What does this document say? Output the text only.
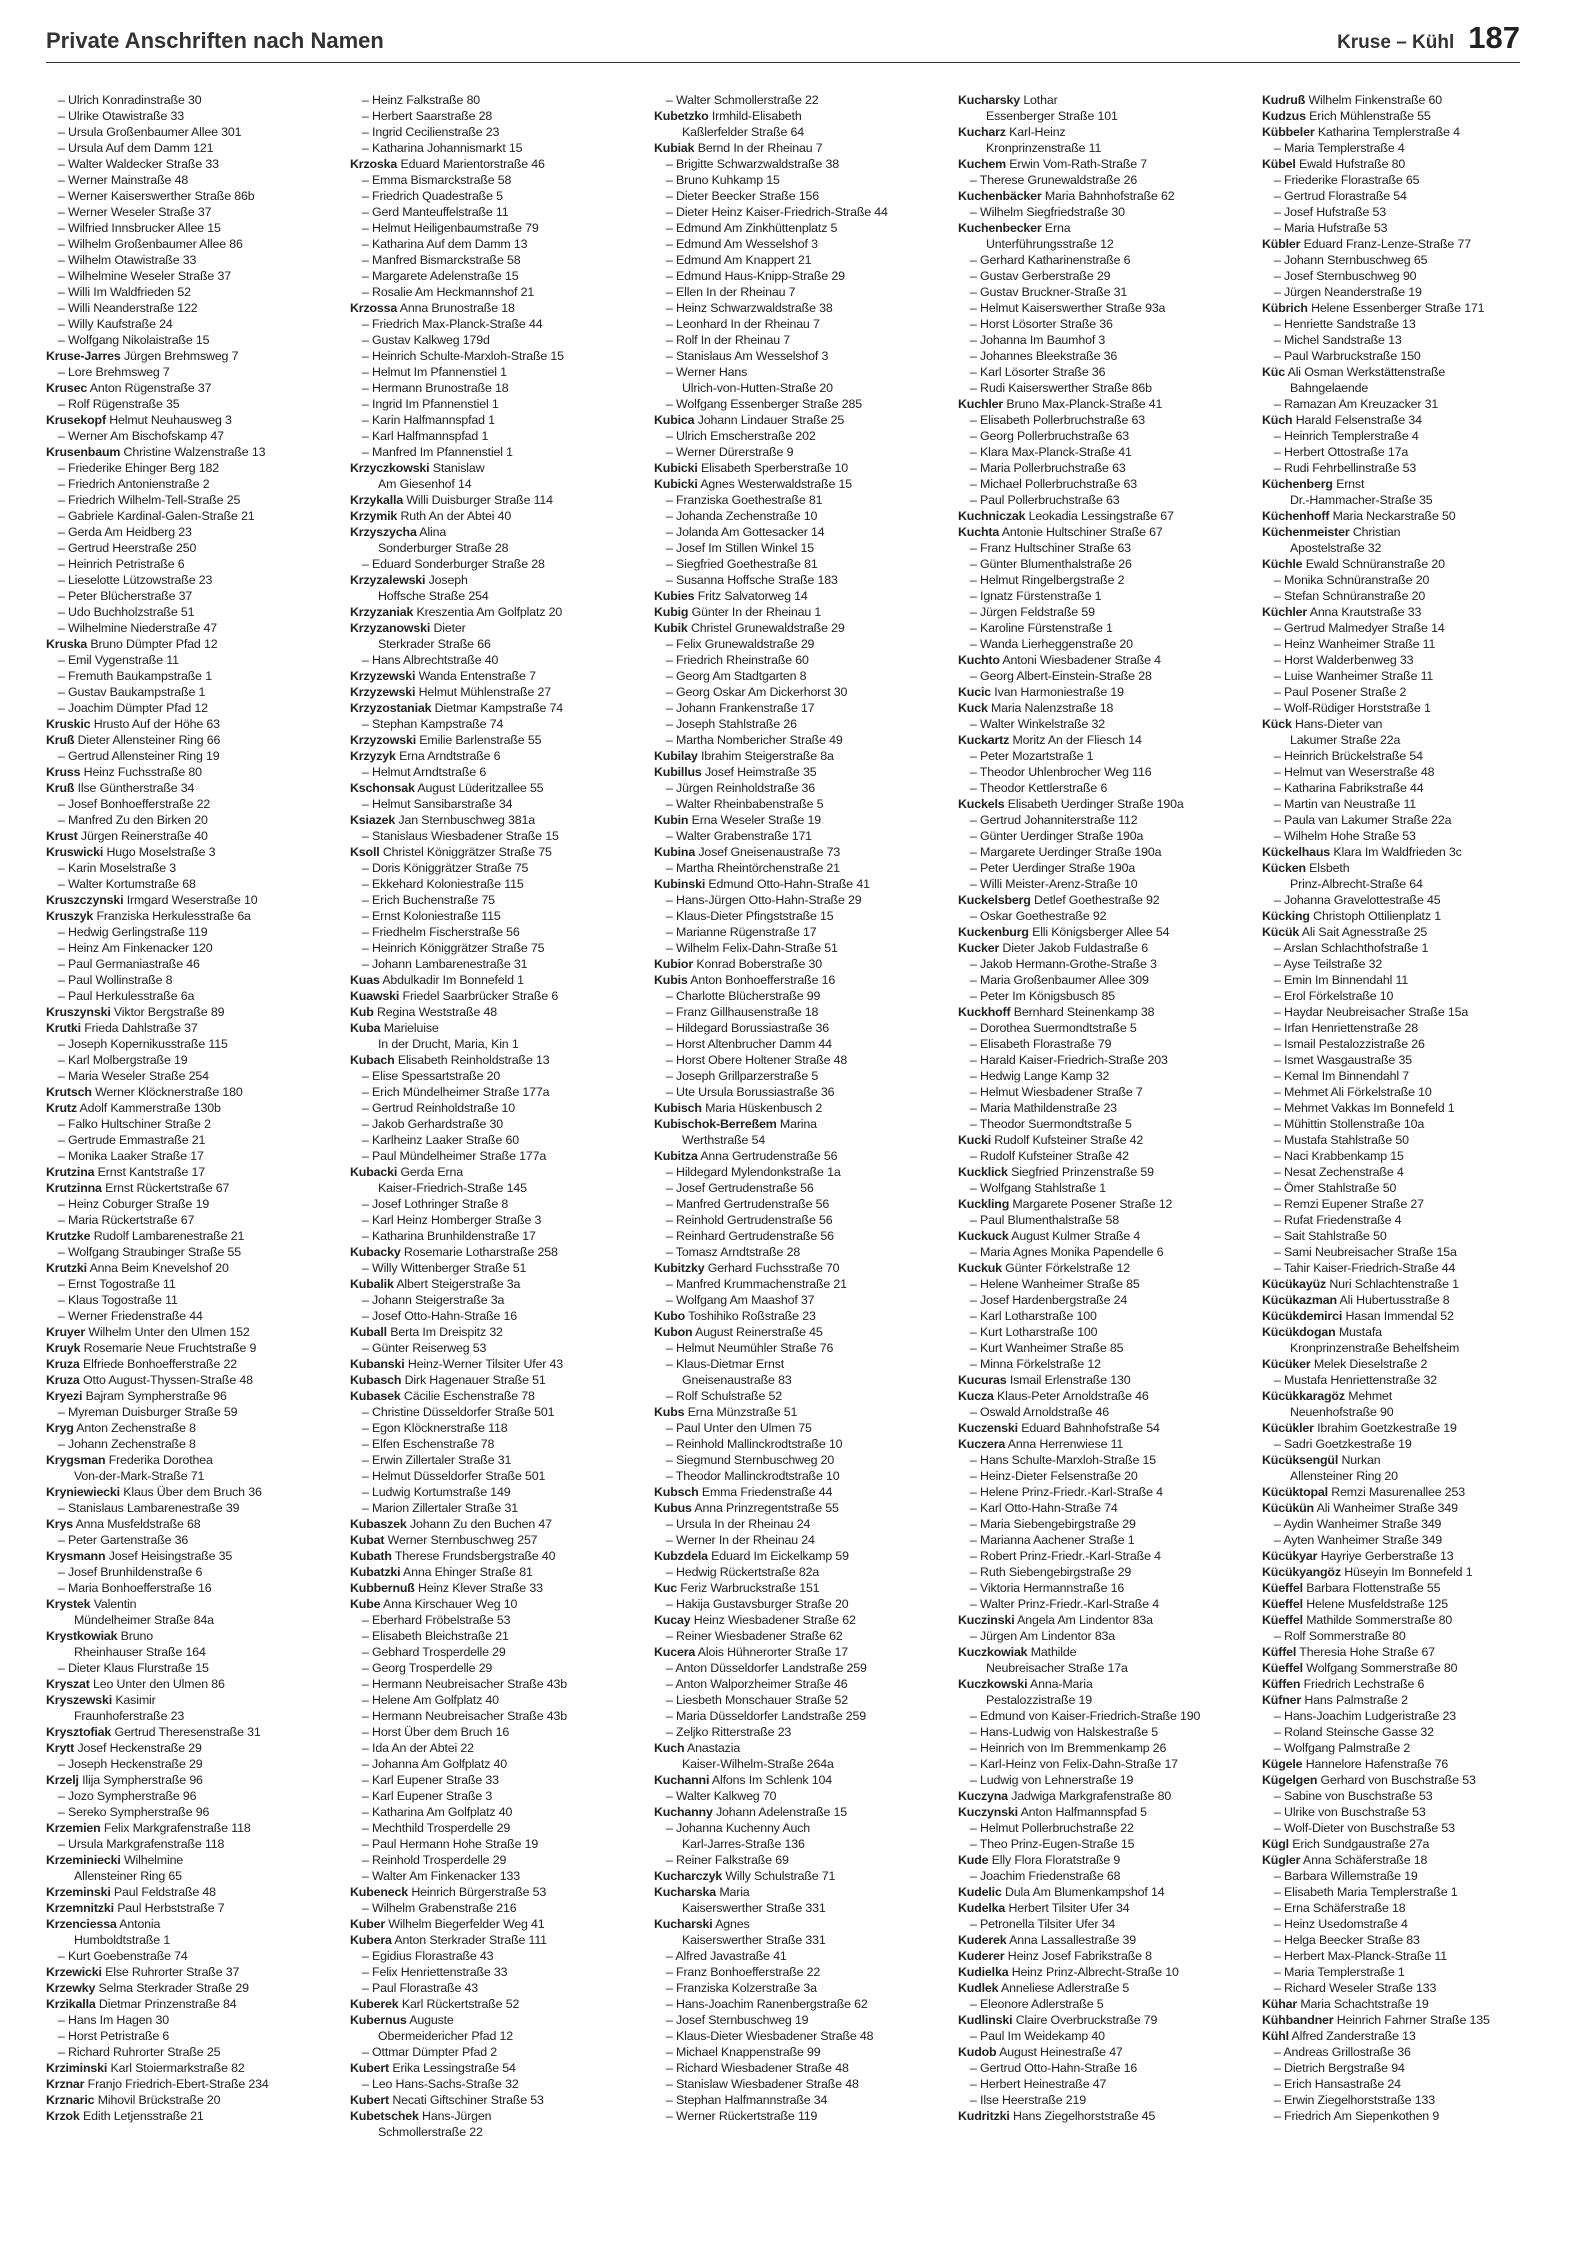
Private Anschriften nach Namen	Kruse – Kühl 187
– Ulrich Konradinstraße 30
– Ulrike Otawistraße 33
– Ursula Großenbaumer Allee 301
– Ursula Auf dem Damm 121
– Walter Waldecker Straße 33
– Werner Mainstraße 48
– Werner Kaiserswerther Straße 86b
– Werner Weseler Straße 37
– Wilfried Innsbrucker Allee 15
– Wilhelm Großenbaumer Allee 86
– Wilhelm Otawistraße 33
– Wilhelmine Weseler Straße 37
– Willi Im Waldfrieden 52
– Willi Neanderstraße 122
– Willy Kaufstraße 24
– Wolfgang Nikolaistraße 15
Kruse-Jarres Jürgen Brehmsweg 7
– Lore Brehmsweg 7
Krusec Anton Rügenstraße 37
– Rolf Rügenstraße 35
Krusekopf Helmut Neuhausweg 3
– Werner Am Bischofskamp 47
Krusenbaum Christine Walzenstraße 13
– Friederike Ehinger Berg 182
– Friedrich Antonienstraße 2
– Friedrich Wilhelm-Tell-Straße 25
– Gabriele Kardinal-Galen-Straße 21
– Gerda Am Heidberg 23
– Gertrud Heerstraße 250
– Heinrich Petristraße 6
– Lieselotte Lützowstraße 23
– Peter Blücherstraße 37
– Udo Buchholzstraße 51
– Wilhelmine Niederstraße 47
Kruska Bruno Dümpter Pfad 12
– Emil Vygenstraße 11
– Fremuth Baukampstraße 1
– Gustav Baukampstraße 1
– Joachim Dümpter Pfad 12
Kruskic Hrusto Auf der Höhe 63
Kruß Dieter Allensteiner Ring 66
– Gertrud Allensteiner Ring 19
Kruss Heinz Fuchsstraße 80
Kruß Ilse Güntherstraße 34
– Josef Bonhoefferstraße 22
– Manfred Zu den Birken 20
Krust Jürgen Reinerstraße 40
Kruswicki Hugo Moselstraße 3
– Karin Moselstraße 3
– Walter Kortumstraße 68
Kruszczynski Irmgard Weserstraße 10
Kruszyk Franziska Herkulesstraße 6a
– Hedwig Gerlingstraße 119
– Heinz Am Finkenacker 120
– Paul Germaniastraße 46
– Paul Wollinstraße 8
– Paul Herkulesstraße 6a
Kruszynski Viktor Bergstraße 89
Krutki Frieda Dahlstraße 37
– Joseph Kopernikusstraße 115
– Karl Molbergstraße 19
– Maria Weseler Straße 254
Krutsch Werner Klöcknerstraße 180
Krutz Adolf Kammerstraße 130b
– Falko Hultschiner Straße 2
– Gertrude Emmastraße 21
– Monika Laaker Straße 17
Krutzina Ernst Kantstraße 17
Krutzinna Ernst Rückertstraße 67
– Heinz Coburger Straße 19
– Maria Rückertstraße 67
Krutzke Rudolf Lambarenestraße 21
– Wolfgang Straubinger Straße 55
Krutzki Anna Beim Knevelshof 20
– Ernst Togostraße 11
– Klaus Togostraße 11
– Werner Friedenstraße 44
Kruyer Wilhelm Unter den Ulmen 152
Kruyk Rosemarie Neue Fruchtstraße 9
Kruza Elfriede Bonhoefferstraße 22
Kruza Otto August-Thyssen-Straße 48
Kryezi Bajram Sympherstraße 96
– Myreman Duisburger Straße 59
Kryg Anton Zechenstraße 8
– Johann Zechenstraße 8
Krygsman Frederika Dorothea
Von-der-Mark-Straße 71
Kryniewiecki Klaus Über dem Bruch 36
– Stanislaus Lambarenestraße 39
Krys Anna Musfeldstraße 68
– Peter Gartenstraße 36
Krysmann Josef Heisingstraße 35
– Josef Brunhildenstraße 6
– Maria Bonhoefferstraße 16
Krystek Valentin
Mündelheimer Straße 84a
Krystkowiak Bruno
Rheinhauser Straße 164
– Dieter Klaus Flurstraße 15
Kryszat Leo Unter den Ulmen 86
Kryszewski Kasimir
Fraunhoferstraße 23
Krysztofiak Gertrud Theresenstraße 31
Krytt Josef Heckenstraße 29
– Joseph Heckenstraße 29
Krzelj Ilija Sympherstraße 96
– Jozo Sympherstraße 96
– Sereko Sympherstraße 96
Krzemien Felix Markgrafenstraße 118
– Ursula Markgrafenstraße 118
Krzeminiecki Wilhelmine
Allensteiner Ring 65
Krzeminski Paul Feldstraße 48
Krzemnitzki Paul Herbststraße 7
Krzenciessa Antonia
Humboldtstraße 1
– Kurt Goebenstraße 74
Krzewicki Else Ruhrorter Straße 37
Krzewky Selma Sterkrader Straße 29
Krzikalla Dietmar Prinzenstraße 84
– Hans Im Hagen 30
– Horst Petristraße 6
– Richard Ruhrorter Straße 25
Krziminski Karl Stoiermarkstraße 82
Krznar Franjo Friedrich-Ebert-Straße 234
Krznaric Mihovil Brückstraße 20
Krzok Edith Letjensstraße 21
– Heinz Falkstraße 80
– Herbert Saarstraße 28
– Ingrid Cecilienstraße 23
– Katharina Johannismarkt 15
Krzoska Eduard Marientorstraße 46
– Emma Bismarckstraße 58
– Friedrich Quadestraße 5
– Gerd Manteuffelstraße 11
– Helmut Heiligenbaumstraße 79
– Katharina Auf dem Damm 13
– Manfred Bismarckstraße 58
– Margarete Adelenstraße 15
– Rosalie Am Heckmannshof 21
Krzossa Anna Brunostraße 18
– Friedrich Max-Planck-Straße 44
– Gustav Kalkweg 179d
– Heinrich Schulte-Marxloh-Straße 15
– Helmut Im Pfannenstiel 1
– Hermann Brunostraße 18
– Ingrid Im Pfannenstiel 1
– Karin Halfmannspfad 1
– Karl Halfmannspfad 1
– Manfred Im Pfannenstiel 1
Krzyczkowski Stanislaw
Am Giesenhof 14
Krzykalla Willi Duisburger Straße 114
Krzymik Ruth An der Abtei 40
Krzyszycha Alina
Sonderburger Straße 28
– Eduard Sonderburger Straße 28
Krzyzalewski Joseph
Hoffsche Straße 254
Krzyzaniak Kreszentia Am Golfplatz 20
Krzyzanowski Dieter
Sterkrader Straße 66
– Hans Albrechtstraße 40
Krzyzewski Wanda Entenstraße 7
Krzyzewski Helmut Mühlenstraße 27
Krzyzostaniak Dietmar Kampstraße 74
– Stephan Kampstraße 74
Krzyzowski Emilie Barlenstraße 55
Krzyzyk Erna Arndtstraße 6
– Helmut Arndtstraße 6
Kschonsak August Lüderitzallee 55
– Helmut Sansibarstraße 34
Ksiazek Jan Sternbuschweg 381a
– Stanislaus Wiesbadener Straße 15
Ksoll Christel Königgrätzer Straße 75
– Doris Königgrätzer Straße 75
– Ekkehard Koloniestraße 115
– Erich Buchenstraße 75
– Ernst Koloniestraße 115
– Friedhelm Fischerstraße 56
– Heinrich Königgrätzer Straße 75
– Johann Lambarenestraße 31
Kuas Abdulkadir Im Bonnefeld 1
Kuawski Friedel Saarbrücker Straße 6
Kub Regina Weststraße 48
Kuba Marieluise
In der Drucht, Maria, Kin 1
Kubach Elisabeth Reinholdstraße 13
– Elise Spessartstraße 20
– Erich Mündelheimer Straße 177a
– Gertrud Reinholdstraße 10
– Jakob Gerhardstraße 30
– Karlheinz Laaker Straße 60
– Paul Mündelheimer Straße 177a
Kubacki Gerda Erna
Kaiser-Friedrich-Straße 145
– Josef Lothringer Straße 8
– Karl Heinz Homberger Straße 3
– Katharina Brunhildenstraße 17
Kubacky Rosemarie Lotharstraße 258
– Willy Wittenberger Straße 51
Kubalik Albert Steigerstraße 3a
– Johann Steigerstraße 3a
– Josef Otto-Hahn-Straße 16
Kuball Berta Im Dreispitz 32
– Günter Reiserweg 53
Kubanski Heinz-Werner Tilsiter Ufer 43
Kubasch Dirk Hagenauer Straße 51
Kubasek Cäcilie Eschenstraße 78
– Christine Düsseldorfer Straße 501
– Egon Klöcknerstraße 118
– Elfen Eschenstraße 78
– Erwin Zillertaler Straße 31
– Helmut Düsseldorfer Straße 501
– Ludwig Kortumstraße 149
– Marion Zillertaler Straße 31
Kubaszek Johann Zu den Buchen 47
Kubat Werner Sternbuschweg 257
Kubath Therese Frundsbergstraße 40
Kubatzki Anna Ehinger Straße 81
Kubbernuß Heinz Klever Straße 33
Kube Anna Kirschauer Weg 10
– Eberhard Fröbelstraße 53
– Elisabeth Bleichstraße 21
– Gebhard Trosperdelle 29
– Georg Trosperdelle 29
– Hermann Neubreisacher Straße 43b
– Helene Am Golfplatz 40
– Hermann Neubreisacher Straße 43b
– Horst Über dem Bruch 16
– Ida An der Abtei 22
– Johanna Am Golfplatz 40
– Karl Eupener Straße 33
– Karl Eupener Straße 3
– Katharina Am Golfplatz 40
– Mechthild Trosperdelle 29
– Paul Hermann Hohe Straße 19
– Reinhold Trosperdelle 29
– Walter Am Finkenacker 133
Kubeneck Heinrich Bürgerstraße 53
– Wilhelm Grabenstraße 216
Kuber Wilhelm Biegerfelder Weg 41
Kubera Anton Sterkrader Straße 111
– Egidius Florastraße 43
– Felix Henriettenstraße 33
– Paul Florastraße 43
Kuberek Karl Rückertstraße 52
Kubernus Auguste
Obermeidericher Pfad 12
– Ottmar Dümpter Pfad 2
Kubert Erika Lessingstraße 54
– Leo Hans-Sachs-Straße 32
Kubert Necati Giftschiner Straße 53
Kubetschek Hans-Jürgen
Schmollerstraße 22
– Walter Schmollerstraße 22
Kubetzko Irmhild-Elisabeth
Kaßlerfelder Straße 64
Kubiak Bernd In der Rheinau 7
– Brigitte Schwarzwaldstraße 38
– Bruno Kuhkamp 15
– Dieter Beecker Straße 156
– Dieter Heinz Kaiser-Friedrich-Straße 44
– Edmund Am Zinkhüttenplatz 5
– Edmund Am Wesselshof 3
– Edmund Am Knappert 21
– Edmund Haus-Knipp-Straße 29
– Ellen In der Rheinau 7
– Heinz Schwarzwaldstraße 38
– Leonhard In der Rheinau 7
– Rolf In der Rheinau 7
– Stanislaus Am Wesselshof 3
– Werner Hans
Ulrich-von-Hutten-Straße 20
– Wolfgang Essenberger Straße 285
Kubica Johann Lindauer Straße 25
– Ulrich Emscherstraße 202
– Werner Dürerstraße 9
Kubicki Elisabeth Sperberstraße 10
Kubicki Agnes Westerwaldstraße 15
– Franziska Goethestraße 81
– Johanda Zechenstraße 10
– Jolanda Am Gottesacker 14
– Josef Im Stillen Winkel 15
– Siegfried Goethestraße 81
– Susanna Hoffsche Straße 183
Kubies Fritz Salvatorweg 14
Kubig Günter In der Rheinau 1
Kubik Christel Grunewaldstraße 29
– Felix Grunewaldstraße 29
– Friedrich Rheinstraße 60
– Georg Am Stadtgarten 8
– Georg Oskar Am Dickerhorst 30
– Johann Frankenstraße 17
– Joseph Stahlstraße 26
– Martha Nombericher Straße 49
Kubilay Ibrahim Steigerstraße 8a
Kubillus Josef Heimstraße 35
– Jürgen Reinholdstraße 36
– Walter Rheinbabenstraße 5
Kubin Erna Weseler Straße 19
– Walter Grabenstraße 171
Kubina Josef Gneisenaustraße 73
– Martha Rheintörchenstraße 21
Kubinski Edmund Otto-Hahn-Straße 41
– Hans-Jürgen Otto-Hahn-Straße 29
– Klaus-Dieter Pfingststraße 15
– Marianne Rügenstraße 17
– Wilhelm Felix-Dahn-Straße 51
Kubior Konrad Boberstraße 30
Kubis Anton Bonhoefferstraße 16
– Charlotte Blücherstraße 99
– Franz Gillhausenstraße 18
– Hildegard Borussiastraße 36
– Horst Altenbrucher Damm 44
– Horst Obere Holtener Straße 48
– Joseph Grillparzerstraße 5
– Ute Ursula Borussiastraße 36
Kubisch Maria Hüskenbusch 2
Kubischok-Berreßem Marina
Werthstraße 54
Kubitza Anna Gertrudenstraße 56
– Hildegard Mylendonkstraße 1a
– Josef Gertrudenstraße 56
– Manfred Gertrudenstraße 56
– Reinhold Gertrudenstraße 56
– Reinhard Gertrudenstraße 56
– Tomasz Arndtstraße 28
Kubitzky Gerhard Fuchsstraße 70
– Manfred Krummachenstraße 21
– Wolfgang Am Maashof 37
Kubo Toshihiko Roßstraße 23
Kubon August Reinerstraße 45
– Helmut Neumühler Straße 76
– Klaus-Dietmar Ernst
Gneisenaustraße 83
– Rolf Schulstraße 52
Kubs Erna Münzstraße 51
– Paul Unter den Ulmen 75
– Reinhold Mallinckrodtstraße 10
– Siegmund Sternbuschweg 20
– Theodor Mallinckrodtstraße 10
Kubsch Emma Friedenstraße 44
Kubus Anna Prinzregentstraße 55
– Ursula In der Rheinau 24
– Werner In der Rheinau 24
Kubzdela Eduard Im Eickelkamp 59
– Hedwig Rückertstraße 82a
Kuc Feriz Warbruckstraße 151
– Hakija Gustavsburger Straße 20
Kucay Heinz Wiesbadener Straße 62
– Reiner Wiesbadener Straße 62
Kucera Alois Hühnerorter Straße 17
– Anton Düsseldorfer Landstraße 259
– Anton Walporzheimer Straße 46
– Liesbeth Monschauer Straße 52
– Maria Düsseldorfer Landstraße 259
– Zeljko Ritterstraße 23
Kuch Anastazia
Kaiser-Wilhelm-Straße 264a
Kuchanni Alfons Im Schlenk 104
– Walter Kalkweg 70
Kuchanny Johann Adelenstraße 15
– Johanna Kuchenny Auch
Karl-Jarres-Straße 136
– Reiner Falkstraße 69
Kucharczyk Willy Schulstraße 71
Kucharska Maria
Kaiserswerther Straße 331
Kucharski Agnes
Kaiserswerther Straße 331
– Alfred Javastraße 41
– Franz Bonhoefferstraße 22
– Franziska Kolzerstraße 3a
– Hans-Joachim Ranenbergstraße 62
– Josef Sternbuschweg 19
– Klaus-Dieter Wiesbadener Straße 48
– Michael Knappenstraße 99
– Richard Wiesbadener Straße 48
– Stanislaw Wiesbadener Straße 48
– Stephan Halfmannstraße 34
– Werner Rückertstraße 119
Kucharsky Lothar
Essenberger Straße 101
Kucharz Karl-Heinz
Kronprinzenstraße 11
Kuchem Erwin Vom-Rath-Straße 7
– Therese Grunewaldstraße 26
Kuchenbäcker Maria Bahnhofstraße 62
– Wilhelm Siegfriedstraße 30
Kuchenbecker Erna
Unterführungsstraße 12
– Gerhard Katharinenstraße 6
– Gustav Gerberstraße 29
– Gustav Bruckner-Straße 31
– Helmut Kaiserswerther Straße 93a
– Horst Lösorter Straße 36
– Johanna Im Baumhof 3
– Johannes Bleekstraße 36
– Karl Lösorter Straße 36
– Rudi Kaiserswerther Straße 86b
Kuchler Bruno Max-Planck-Straße 41
– Elisabeth Pollerbruchstraße 63
– Georg Pollerbruchstraße 63
– Klara Max-Planck-Straße 41
– Maria Pollerbruchstraße 63
– Michael Pollerbruchstraße 63
– Paul Pollerbruchstraße 63
Kuchniczak Leokadia Lessingstraße 67
Kuchta Antonie Hultschiner Straße 67
– Franz Hultschiner Straße 63
– Günter Blumenthalstraße 26
– Helmut Ringelbergstraße 2
– Ignatz Fürstenstraße 1
– Jürgen Feldstraße 59
– Karoline Fürstenstraße 1
– Wanda Lierheggenstraße 20
Kuchto Antoni Wiesbadener Straße 4
– Georg Albert-Einstein-Straße 28
Kucic Ivan Harmoniestraße 19
Kuck Maria Nalenzstraße 18
– Walter Winkelstraße 32
Kuckartz Moritz An der Fliesch 14
– Peter Mozartstraße 1
– Theodor Uhlenbrocher Weg 116
– Theodor Kettlerstraße 6
Kuckels Elisabeth Uerdinger Straße 190a
– Gertrud Johanniterstraße 112
– Günter Uerdinger Straße 190a
– Margarete Uerdinger Straße 190a
– Peter Uerdinger Straße 190a
– Willi Meister-Arenz-Straße 10
Kuckelsberg Detlef Goethestraße 92
– Oskar Goethestraße 92
Kuckenburg Elli Königsberger Allee 54
Kucker Dieter Jakob Fuldastraße 6
– Jakob Hermann-Grothe-Straße 3
– Maria Großenbaumer Allee 309
– Peter Im Königsbusch 85
Kuckhoff Bernhard Steinenkamp 38
– Dorothea Suermondtstraße 5
– Elisabeth Florastraße 79
– Harald Kaiser-Friedrich-Straße 203
– Hedwig Lange Kamp 32
– Helmut Wiesbadener Straße 7
– Maria Mathildenstraße 23
– Theodor Suermondtstraße 5
Kucki Rudolf Kufsteiner Straße 42
– Rudolf Kufsteiner Straße 42
Kucklick Siegfried Prinzenstraße 59
– Wolfgang Stahlstraße 1
Kuckling Margarete Posener Straße 12
– Paul Blumenthalstraße 58
Kuckuck August Kulmer Straße 4
– Maria Agnes Monika Papendelle 6
Kuckuk Günter Förkelstraße 12
– Helene Wanheimer Straße 85
– Josef Hardenbergstraße 24
– Karl Lotharstraße 100
– Kurt Lotharstraße 100
– Kurt Wanheimer Straße 85
– Minna Förkelstraße 12
Kucuras Ismail Erlenstraße 130
Kucza Klaus-Peter Arnoldstraße 46
– Oswald Arnoldstraße 46
Kuczenski Eduard Bahnhofstraße 54
Kuczera Anna Herrenwiese 11
– Hans Schulte-Marxloh-Straße 15
– Heinz-Dieter Felsenstraße 20
– Helene Prinz-Friedr.-Karl-Straße 4
– Karl Otto-Hahn-Straße 74
– Maria Siebengebirgstraße 29
– Marianna Aachener Straße 1
– Robert Prinz-Friedr.-Karl-Straße 4
– Ruth Siebengebirgstraße 29
– Viktoria Hermannstraße 16
– Walter Prinz-Friedr.-Karl-Straße 4
Kuczinski Angela Am Lindentor 83a
– Jürgen Am Lindentor 83a
Kuczkowiak Mathilde
Neubreisacher Straße 17a
Kuczkowski Anna-Maria
Pestalozzistraße 19
– Edmund von Kaiser-Friedrich-Straße 190
– Hans-Ludwig von Halskestraße 5
– Heinrich von Im Bremmenkamp 26
– Karl-Heinz von Felix-Dahn-Straße 17
– Ludwig von Lehnerstraße 19
Kuczyna Jadwiga Markgrafenstraße 80
Kuczynski Anton Halfmannspfad 5
– Helmut Pollerbruchstraße 22
– Theo Prinz-Eugen-Straße 15
Kude Elly Flora Floratstraße 9
– Joachim Friedenstraße 68
Kudelic Dula Am Blumenkampshof 14
Kudelka Herbert Tilsiter Ufer 34
– Petronella Tilsiter Ufer 34
Kuderek Anna Lassallestraße 39
Kuderer Heinz Josef Fabrikstraße 8
Kudielka Heinz Prinz-Albrecht-Straße 10
Kudlek Anneliese Adlerstraße 5
– Eleonore Adlerstraße 5
Kudlinski Claire Overbruckstraße 79
– Paul Im Weidekamp 40
Kudob August Heinestraße 47
– Gertrud Otto-Hahn-Straße 16
– Herbert Heinestraße 47
– Ilse Heerstraße 219
Kudritzki Hans Ziegelhorststraße 45
Kudruß Wilhelm Finkenstraße 60
Kudzus Erich Mühlenstraße 55
Kübbeler Katharina Templerstraße 4
– Maria Templerstraße 4
Kübel Ewald Hufstraße 80
– Friederike Florastraße 65
– Gertrud Florastraße 54
– Josef Hufstraße 53
– Maria Hufstraße 53
Kübler Eduard Franz-Lenze-Straße 77
– Johann Sternbuschweg 65
– Josef Sternbuschweg 90
– Jürgen Neanderstraße 19
Kübrich Helene Essenberger Straße 171
– Henriette Sandstraße 13
– Michel Sandstraße 13
– Paul Warbruckstraße 150
Küc Ali Osman Werkstättenstraße
Bahngelaende
– Ramazan Am Kreuzacker 31
Küch Harald Felsenstraße 34
– Heinrich Templerstraße 4
– Herbert Ottostraße 17a
– Rudi Fehrbellinstraße 53
Küchenberg Ernst
Dr.-Hammacher-Straße 35
Küchenhoff Maria Neckarstraße 50
Küchenmeister Christian
Apostelstraße 32
Küchle Ewald Schnüranstraße 20
– Monika Schnüranstraße 20
– Stefan Schnüranstraße 20
Küchler Anna Krautstraße 33
– Gertrud Malmedyer Straße 14
– Heinz Wanheimer Straße 11
– Horst Walderbenweg 33
– Luise Wanheimer Straße 11
– Paul Posener Straße 2
– Wolf-Rüdiger Horststraße 1
Kück Hans-Dieter van
Lakumer Straße 22a
– Heinrich Brückelstraße 54
– Helmut van Weserstraße 48
– Katharina Fabrikstraße 44
– Martin van Neustraße 11
– Paula van Lakumer Straße 22a
– Wilhelm Hohe Straße 53
Kückelhaus Klara Im Waldfrieden 3c
Kücken Elsbeth
Prinz-Albrecht-Straße 64
– Johanna Gravelottestraße 45
Kücking Christoph Ottilienplatz 1
Kücük Ali Sait Agnesstraße 25
– Arslan Schlachthofstraße 1
– Ayse Teilstraße 32
– Emin Im Binnendahl 11
– Erol Förkelstraße 10
– Haydar Neubreisacher Straße 15a
– Irfan Henriettenstraße 28
– Ismail Pestalozzistraße 26
– Ismet Wasgaustraße 35
– Kemal Im Binnendahl 7
– Mehmet Ali Förkelstraße 10
– Mehmet Vakkas Im Bonnefeld 1
– Mühittin Stollenstraße 10a
– Mustafa Stahlstraße 50
– Naci Krabbenkamp 15
– Nesat Zechenstraße 4
– Ömer Stahlstraße 50
– Remzi Eupener Straße 27
– Rufat Friedenstraße 4
– Sait Stahlstraße 50
– Sami Neubreisacher Straße 15a
– Tahir Kaiser-Friedrich-Straße 44
Kücükayüz Nuri Schlachtenstraße 1
Kücükazman Ali Hubertusstraße 8
Kücükdemirci Hasan Immendal 52
Kücükdogan Mustafa
Kronprinzenstraße Behelfsheim
Kücüker Melek Dieselstraße 2
– Mustafa Henriettenstraße 32
Kücükkaragöz Mehmet
Neuenhofstraße 90
Kücükler Ibrahim Goetzkestraße 19
– Sadri Goetzkestraße 19
Kücüksengül Nurkan
Allensteiner Ring 20
Kücüktopal Remzi Masurenallee 253
Kücükün Ali Wanheimer Straße 349
– Aydin Wanheimer Straße 349
– Ayten Wanheimer Straße 349
Kücükyar Hayriye Gerberstraße 13
Kücükyangöz Hüseyin Im Bonnefeld 1
Küeffel Barbara Flottenstraße 55
Küeffel Helene Musfeldstraße 125
Küeffel Mathilde Sommerstraße 80
– Rolf Sommerstraße 80
Küffel Theresia Hohe Straße 67
Küeffel Wolfgang Sommerstraße 80
Küffen Friedrich Lechstraße 6
Küfner Hans Palmstraße 2
– Hans-Joachim Ludgeristraße 23
– Roland Steinsche Gasse 32
– Wolfgang Palmstraße 2
Kügele Hannelore Hafenstraße 76
Kügelgen Gerhard von Buschstraße 53
– Sabine von Buschstraße 53
– Ulrike von Buschstraße 53
– Wolf-Dieter von Buschstraße 53
Kügl Erich Sundgaustraße 27a
Kügler Anna Schäferstraße 18
– Barbara Willemstraße 19
– Elisabeth Maria Templerstraße 1
– Erna Schäferstraße 18
– Heinz Usedomstraße 4
– Helga Beecker Straße 83
– Herbert Max-Planck-Straße 11
– Maria Templerstraße 1
– Richard Weseler Straße 133
Kühar Maria Schachtstraße 19
Kühbandner Heinrich Fahrner Straße 135
Kühl Alfred Zanderstraße 13
– Andreas Grillostraße 36
– Dietrich Bergstraße 94
– Erich Hansastraße 24
– Erwin Ziegelhorststraße 133
– Friedrich Am Siepenkothen 9
